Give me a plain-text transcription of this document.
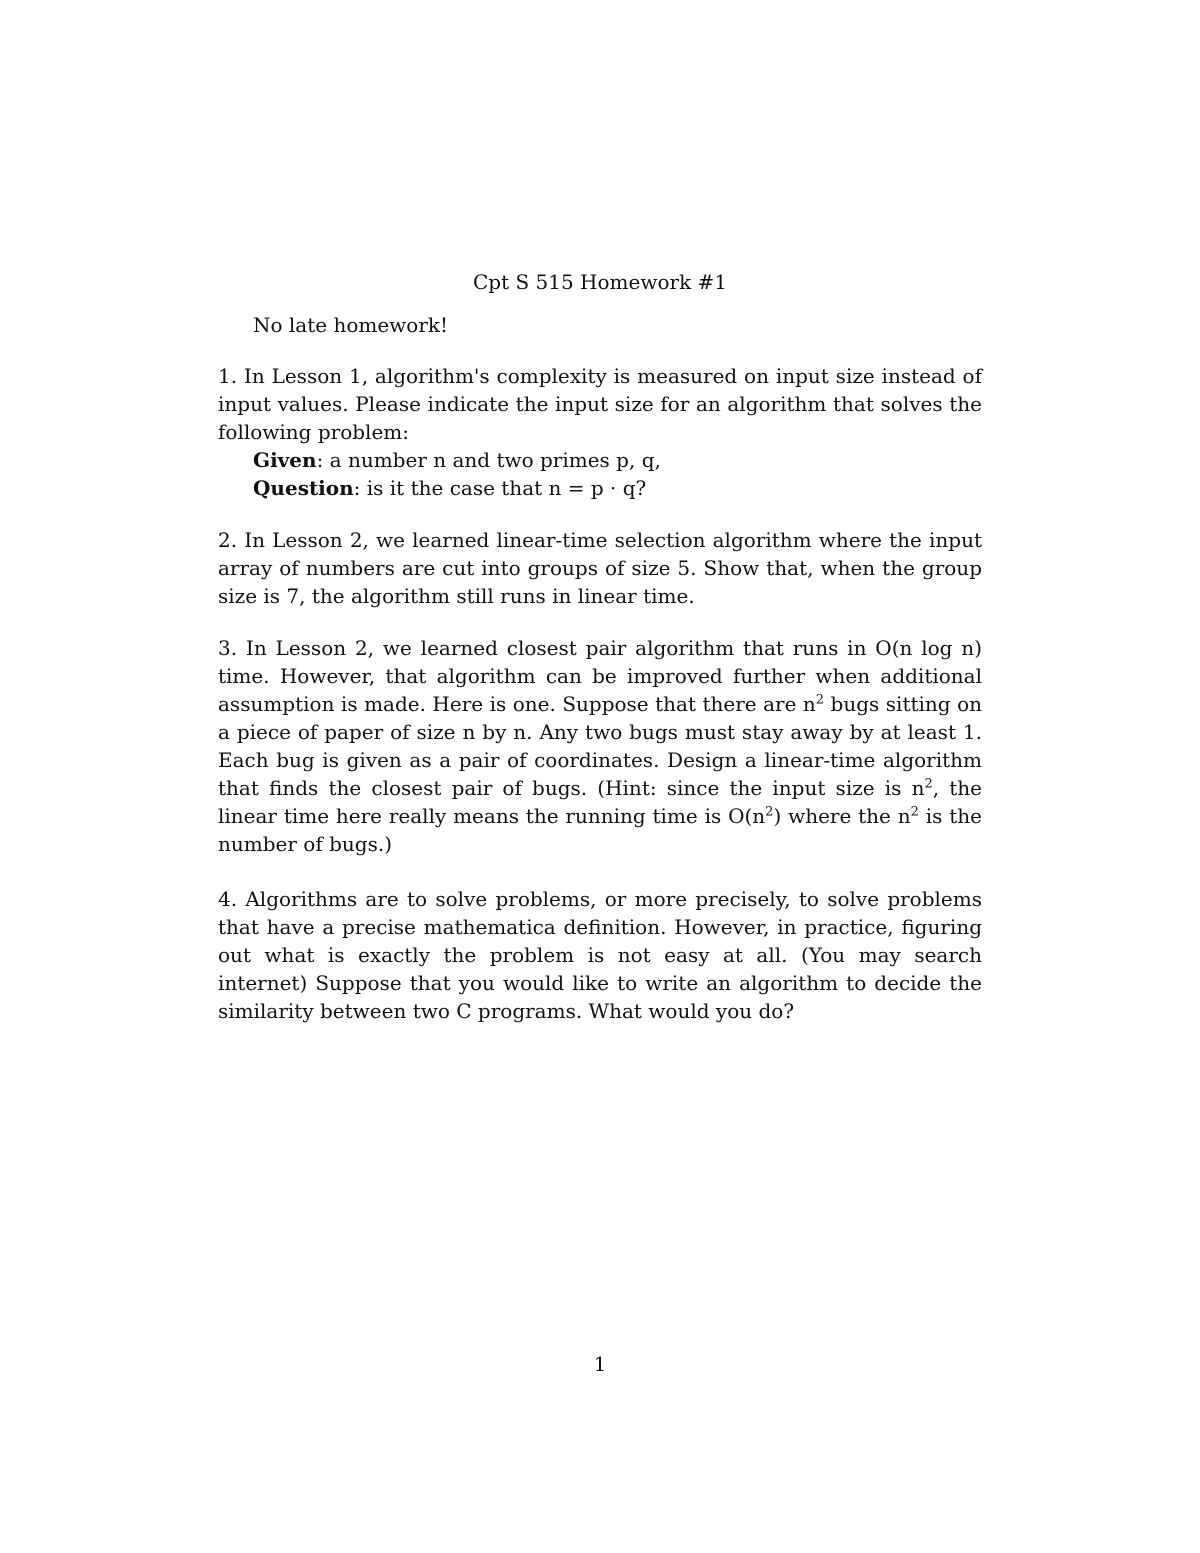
Cpt S 515 Homework #1
No late homework!
1. In Lesson 1, algorithm's complexity is measured on input size instead of input values. Please indicate the input size for an algorithm that solves the following problem:
Given: a number n and two primes p, q,
Question: is it the case that n = p · q?
2. In Lesson 2, we learned linear-time selection algorithm where the input array of numbers are cut into groups of size 5. Show that, when the group size is 7, the algorithm still runs in linear time.
3. In Lesson 2, we learned closest pair algorithm that runs in O(n log n) time. However, that algorithm can be improved further when additional assumption is made. Here is one. Suppose that there are $n^2$ bugs sitting on a piece of paper of size n by n. Any two bugs must stay away by at least 1. Each bug is given as a pair of coordinates. Design a linear-time algorithm that finds the closest pair of bugs. (Hint: since the input size is $n^2$, the linear time here really means the running time is $O(n^2)$ where the $n^2$ is the number of bugs.)
4. Algorithms are to solve problems, or more precisely, to solve problems that have a precise mathematica definition. However, in practice, figuring out what is exactly the problem is not easy at all. (You may search internet) Suppose that you would like to write an algorithm to decide the similarity between two C programs. What would you do?
1
